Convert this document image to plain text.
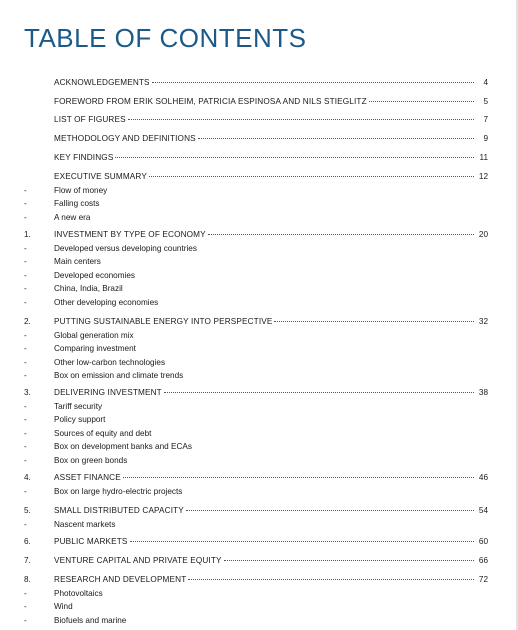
TABLE OF CONTENTS
ACKNOWLEDGEMENTS	4
FOREWORD FROM ERIK SOLHEIM, PATRICIA ESPINOSA AND NILS STIEGLITZ	5
LIST OF FIGURES	7
METHODOLOGY AND DEFINITIONS	9
KEY FINDINGS	11
EXECUTIVE SUMMARY	12
-	Flow of money
-	Falling costs
-	A new era
1.	INVESTMENT BY TYPE OF ECONOMY	20
-	Developed versus developing countries
-	Main centers
-	Developed economies
-	China, India, Brazil
-	Other developing economies
2.	PUTTING SUSTAINABLE ENERGY INTO PERSPECTIVE	32
-	Global generation mix
-	Comparing investment
-	Other low-carbon technologies
-	Box on emission and climate trends
3.	DELIVERING INVESTMENT	38
-	Tariff security
-	Policy support
-	Sources of equity and debt
-	Box on development banks and ECAs
-	Box on green bonds
4.	ASSET FINANCE	46
-	Box on large hydro-electric projects
5.	SMALL DISTRIBUTED CAPACITY	54
-	Nascent markets
6.	PUBLIC MARKETS	60
7.	VENTURE CAPITAL AND PRIVATE EQUITY	66
8.	RESEARCH AND DEVELOPMENT	72
-	Photovoltaics
-	Wind
-	Biofuels and marine
